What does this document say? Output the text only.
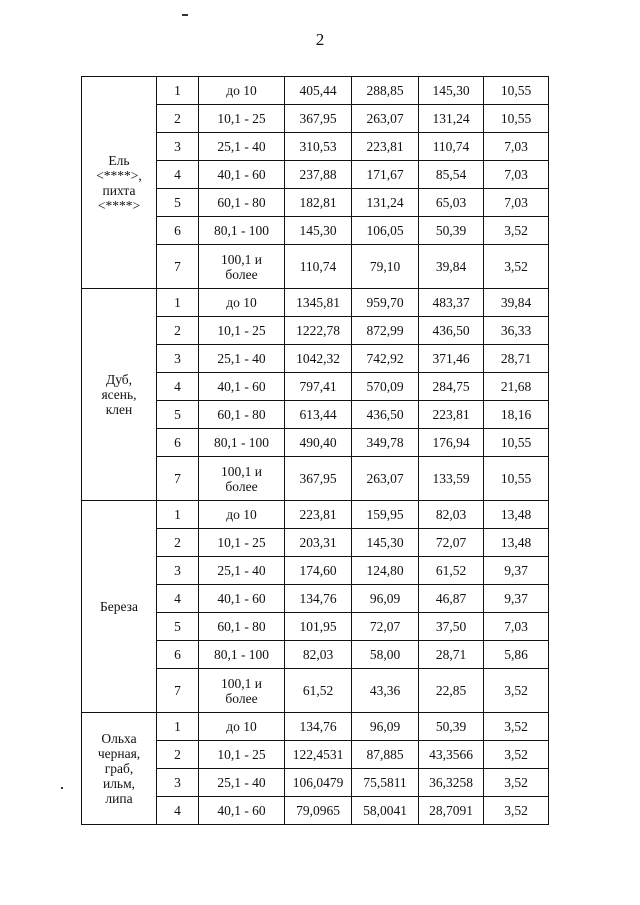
2
Ель
<****>,
пихта
<****>	1	до 10	405,44	288,85	145,30	10,55
	2	10,1 - 25	367,95	263,07	131,24	10,55
	3	25,1 - 40	310,53	223,81	110,74	7,03
	4	40,1 - 60	237,88	171,67	85,54	7,03
	5	60,1 - 80	182,81	131,24	65,03	7,03
	6	80,1 - 100	145,30	106,05	50,39	3,52
	7	100,1 и
более	110,74	79,10	39,84	3,52

Дуб,
ясень,
клен	1	до 10	1345,81	959,70	483,37	39,84
	2	10,1 - 25	1222,78	872,99	436,50	36,33
	3	25,1 - 40	1042,32	742,92	371,46	28,71
	4	40,1 - 60	797,41	570,09	284,75	21,68
	5	60,1 - 80	613,44	436,50	223,81	18,16
	6	80,1 - 100	490,40	349,78	176,94	10,55
	7	100,1 и
более	367,95	263,07	133,59	10,55

Береза	1	до 10	223,81	159,95	82,03	13,48
	2	10,1 - 25	203,31	145,30	72,07	13,48
	3	25,1 - 40	174,60	124,80	61,52	9,37
	4	40,1 - 60	134,76	96,09	46,87	9,37
	5	60,1 - 80	101,95	72,07	37,50	7,03
	6	80,1 - 100	82,03	58,00	28,71	5,86
	7	100,1 и
более	61,52	43,36	22,85	3,52

Ольха
черная,
граб,
ильм,
липа	1	до 10	134,76	96,09	50,39	3,52
	2	10,1 - 25	122,4531	87,885	43,3566	3,52
	3	25,1 - 40	106,0479	75,5811	36,3258	3,52
	4	40,1 - 60	79,0965	58,0041	28,7091	3,52
